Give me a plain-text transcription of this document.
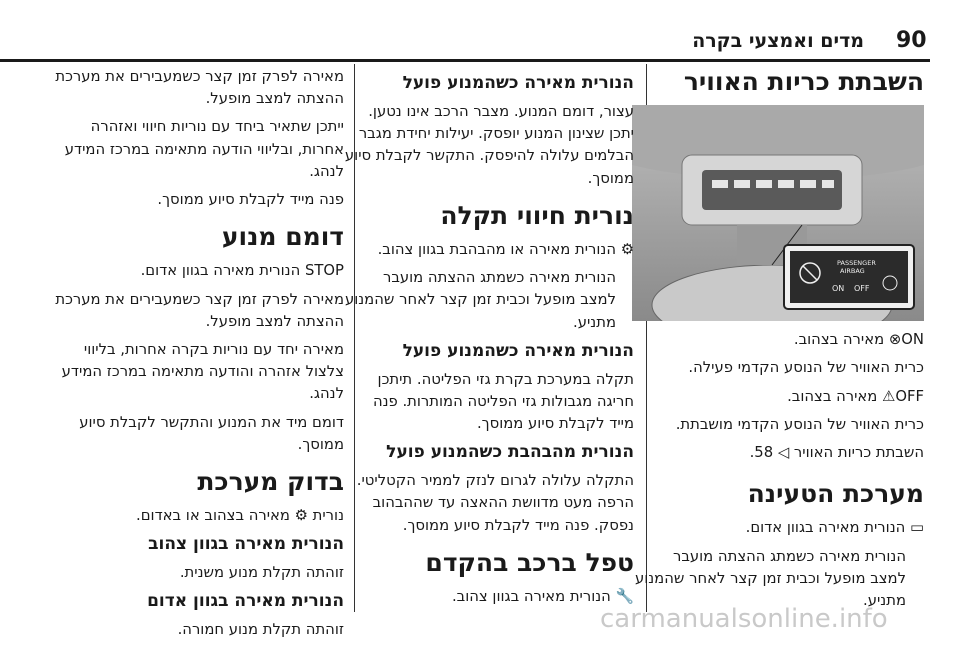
90
מדים ואמצעי בקרה
השבתת כריות האוויר
PASSENGER
AIRBAG
ON OFF

ON⊗ מאירה בצהוב.

כרית האוויר של הנוסע הקדמי פעילה.

OFF⚠ מאירה בצהוב.

כרית האוויר של הנוסע הקדמי מושבתת.

השבתת כריות האוויר ◁ 58.

מערכת הטעינה

▭ הנורית מאירה בגוון אדום.

הנורית מאירה כשמתג ההצתה מועבר למצב מופעל וכבית זמן קצר לאחר שהמנוע מתניע.

הנורית מאירה כשהמנוע פועל

עצור, דומם המנוע. מצבר הרכב אינו נטען. יתכן שצינון המנוע יופסק. יעילות יחידת מגבר הבלמים עלולה להיפסק. התקשר לקבלת סיוע ממוסך.

נורית חיווי תקלה

⚙ הנורית מאירה או מהבהבת בגוון צהוב.

הנורית מאירה כשמתג ההצתה מועבר למצב מופעל וכבית זמן קצר לאחר שהמנוע מתניע.

הנורית מאירה כשהמנוע פועל

תקלה במערכת בקרת גזי הפליטה. תיתכן חריגה מגבולות גזי הפליטה המותרות. פנה מייד לקבלת סיוע ממוסך.

הנורית מהבהבת כשהמנוע פועל

התקלה עלולה לגרום לנזק לממיר הקטליטי. הרפה מעט מדוושת ההאצה עד שההבהוב נפסק. פנה מייד לקבלת סיוע ממוסך.

טפל ברכב בהקדם

🔧 הנורית מאירה בגוון צהוב.

מאירה לפרק זמן קצר כשמעבירים את מערכת ההצתה למצב מופעל.

ייתכן שתאיר ביחד עם נוריות חיווי ואזהרה אחרות, ובליווי הודעה מתאימה במרכז המידע לנהג.

פנה מייד לקבלת סיוע ממוסך.

דומם מנוע

STOP הנורית מאירה בגוון אדום.

מאירה לפרק זמן קצר כשמעבירים את מערכת ההצתה למצב מופעל.

מאירה יחד עם נוריות בקרה אחרות, בליווי צלצול אזהרה והודעה מתאימה במרכז המידע לנהג.

דומם מיד את המנוע והתקשר לקבלת סיוע ממוסך.

בדוק מערכת

נורית ⚙ מאירה בצהוב או באדום.

הנורית מאירה בגוון צהוב

זוהתה תקלת מנוע משנית.

הנורית מאירה בגוון אדום

זוהתה תקלת מנוע חמורה.	carmanualsonline.info
